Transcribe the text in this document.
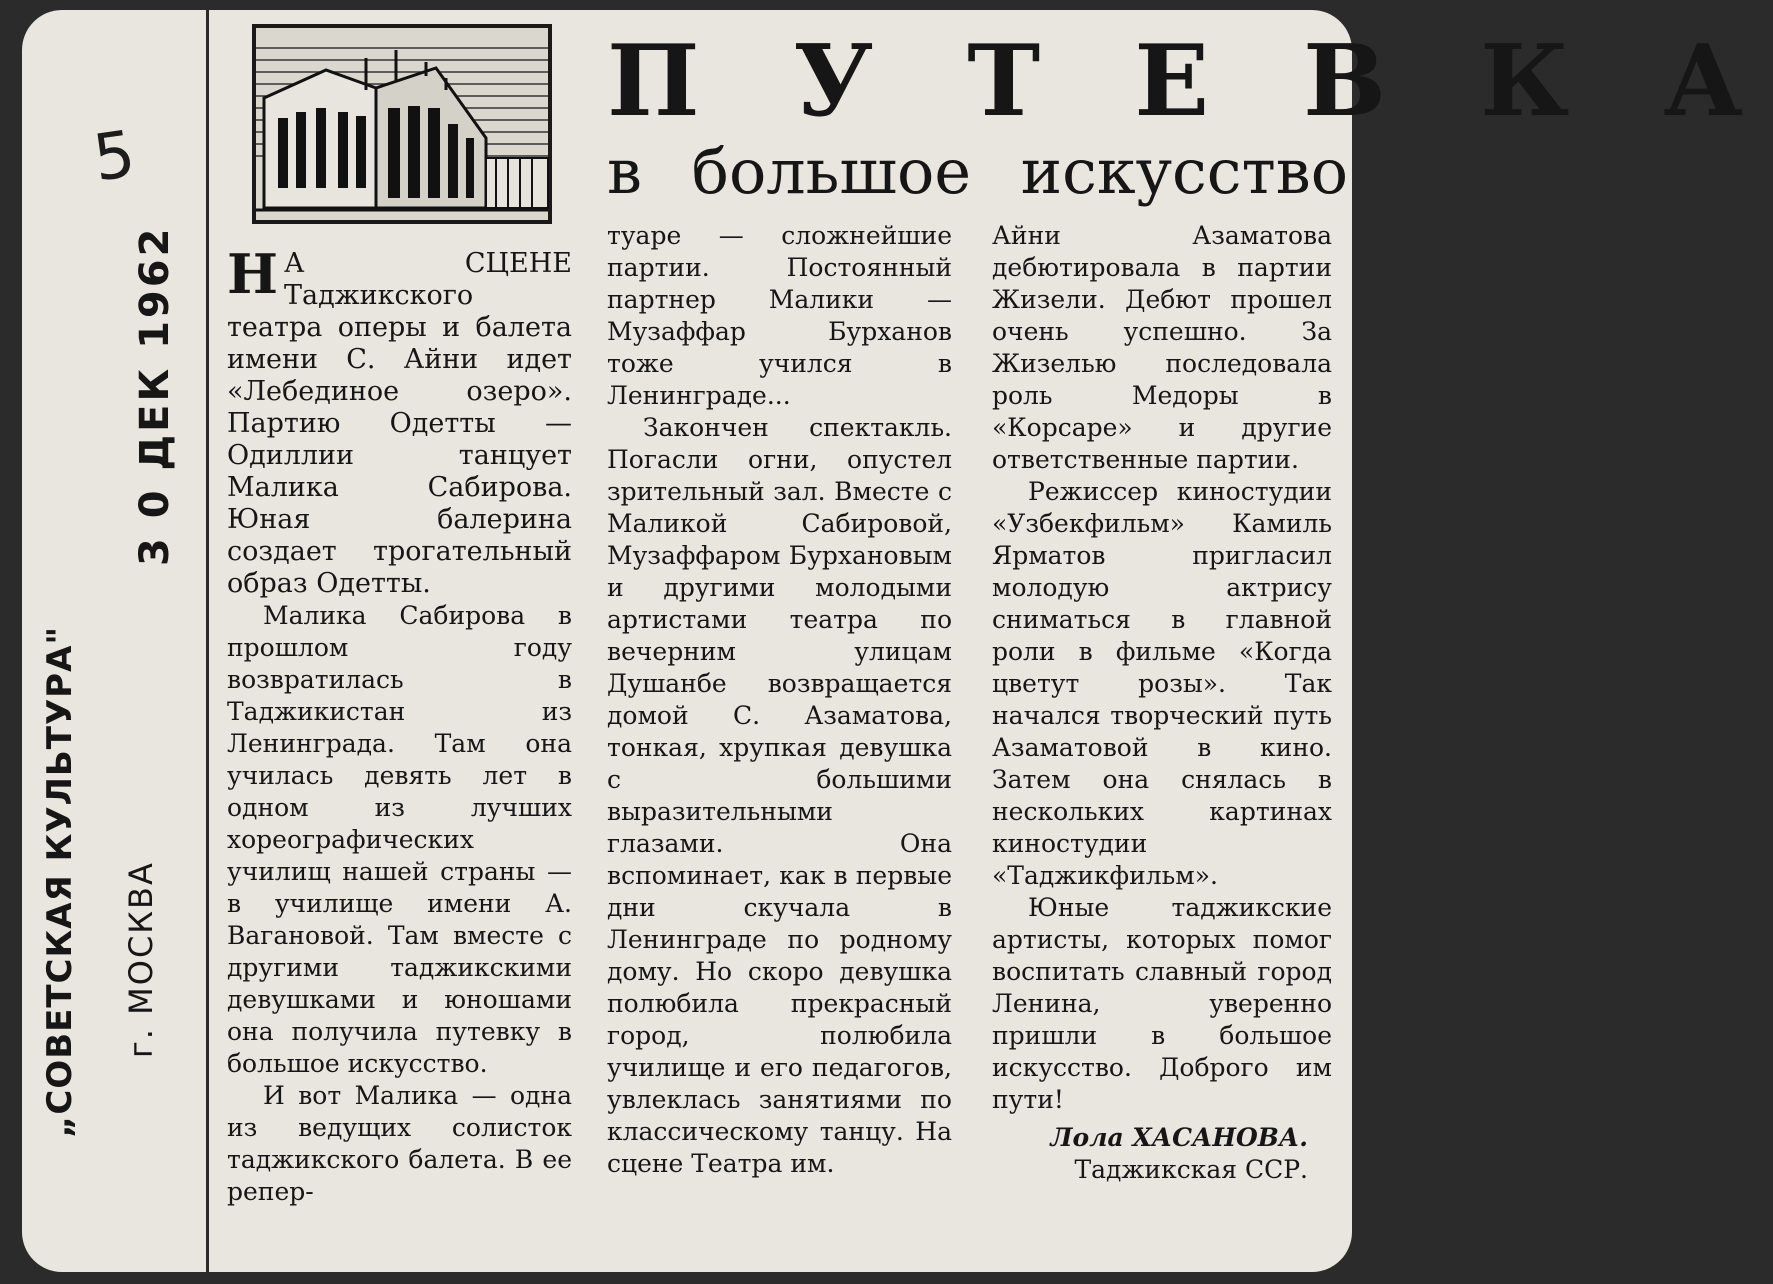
5
3 0 ДЕК 1962
„СОВЕТСКАЯ КУЛЬТУРА" г. МОСКВА
П У Т Е В К А
в большое искусство

Н А СЦЕНЕ Таджикского театра оперы и балета имени С. Айни идет «Лебединое озеро». Партию Одетты — Одиллии танцует Малика Сабирова. Юная балерина создает трогательный образ Одетты.

Малика Сабирова в прошлом году возвратилась в Таджикистан из Ленинграда. Там она училась девять лет в одном из лучших хореографических училищ нашей страны — в училище имени А. Вагановой. Там вместе с другими таджикскими девушками и юношами она получила путевку в большое искусство.

И вот Малика — одна из ведущих солисток таджикского балета. В ее репер-

туаре — сложнейшие партии. Постоянный партнер Малики — Музаффар Бурханов тоже учился в Ленинграде...

Закончен спектакль. Погасли огни, опустел зрительный зал. Вместе с Маликой Сабировой, Музаффаром Бурхановым и другими молодыми артистами театра по вечерним улицам Душанбе возвращается домой С. Азаматова, тонкая, хрупкая девушка с большими выразительными глазами. Она вспоминает, как в первые дни скучала в Ленинграде по родному дому. Но скоро девушка полюбила прекрасный город, полюбила училище и его педагогов, увлеклась занятиями по классическому танцу. На сцене Театра им.

Айни Азаматова дебютировала в партии Жизели. Дебют прошел очень успешно. За Жизелью последовала роль Медоры в «Корсаре» и другие ответственные партии.

Режиссер киностудии «Узбекфильм» Камиль Ярматов пригласил молодую актрису сниматься в главной роли в фильме «Когда цветут розы». Так начался творческий путь Азаматовой в кино. Затем она снялась в нескольких картинах киностудии «Таджикфильм».

Юные таджикские артисты, которых помог воспитать славный город Ленина, уверенно пришли в большое искусство. Доброго им пути!

Лола ХАСАНОВА.
Таджикская ССР.
